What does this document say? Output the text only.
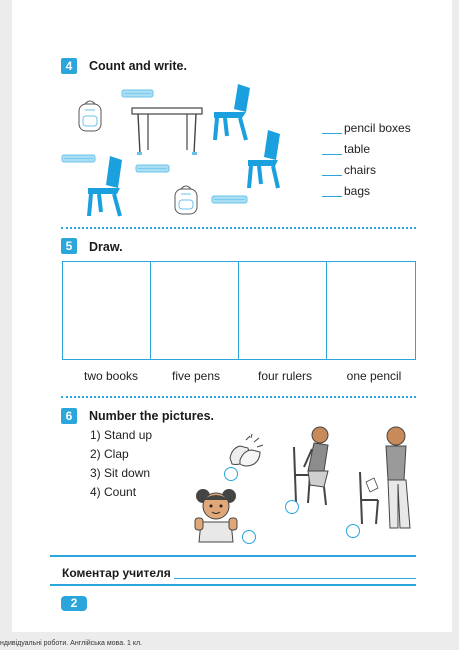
4	Count and write.
pencil boxes
table
chairs
bags
5	Draw.
two books	five pens	four rulers	one pencil
6	Number the pictures.
1) Stand up
2) Clap
3) Sit down
4) Count
Коментар учителя
2
ндивідуальні роботи. Англійська мова. 1 кл.
